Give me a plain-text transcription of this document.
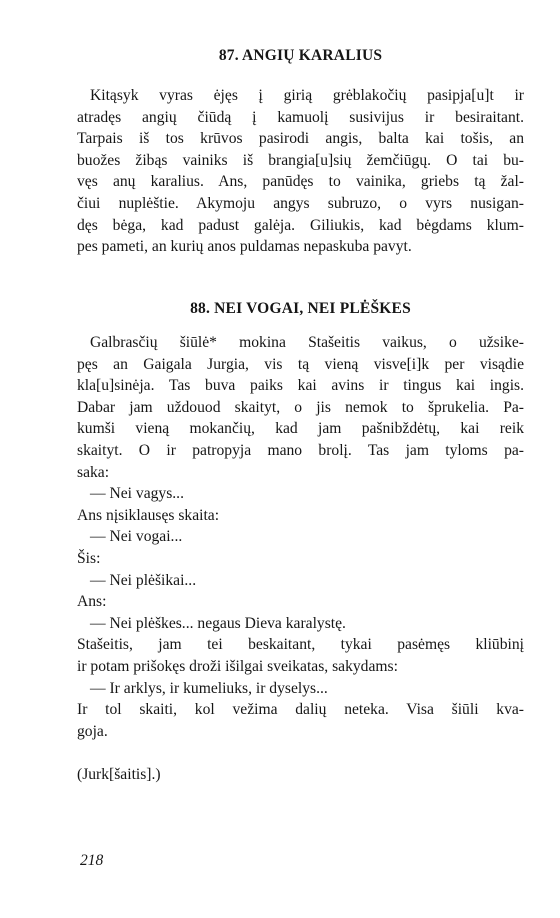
87. ANGIŲ KARALIUS
Kitąsyk vyras ėjęs į girią grėblakočių pasipja[u]t ir
atradęs angių čiūdą į kamuolį susivijus ir besiraitant.
Tarpais iš tos krūvos pasirodi angis, balta kai tošis, an
buožes žibąs vainiks iš brangia[u]sių žemčiūgų. O tai bu-
vęs anų karalius. Ans, panūdęs to vainika, griebs tą žal-
čiui nuplėštie. Akymoju angys subruzo, o vyrs nusigan-
dęs bėga, kad padust galėja. Giliukis, kad bėgdams klum-
pes pameti, an kurių anos puldamas nepaskuba pavyt.
88. NEI VOGAI, NEI PLĖŠKES
Galbrasčių šiūlė* mokina Stašeitis vaikus, o užsike-
pęs an Gaigala Jurgia, vis tą vieną visve[i]k per visądie
kla[u]sinėja. Tas buva paiks kai avins ir tingus kai ingis.
Dabar jam uždouod skaityt, o jis nemok to šprukelia. Pa-
kumši vieną mokančių, kad jam pašnibždėtų, kai reik
skaityt. O ir patropyja mano brolį. Tas jam tyloms pa-
saka:
— Nei vagys...
Ans nįsiklausęs skaita:
— Nei vogai...
Šis:
— Nei plėšikai...
Ans:
— Nei plėškes... negaus Dieva karalystę.
Stašeitis, jam tei beskaitant, tykai pasėmęs kliūbinį
ir potam prišokęs droži išilgai sveikatas, sakydams:
— Ir arklys, ir kumeliuks, ir dyselys...
Ir tol skaiti, kol vežima dalių neteka. Visa šiūli kva-
goja.
(Jurk[šaitis].)
218
